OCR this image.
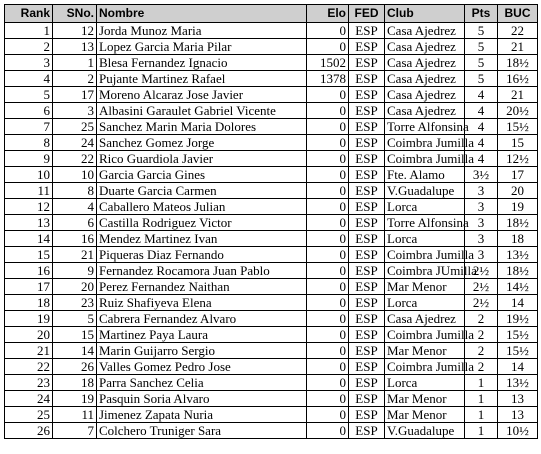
Rank	SNo.	Nombre	Elo	FED	Club	Pts	BUC
1	12	Jorda Munoz Maria	0	ESP	Casa Ajedrez	5	22
2	13	Lopez Garcia Maria Pilar	0	ESP	Casa Ajedrez	5	21
3	1	Blesa Fernandez Ignacio	1502	ESP	Casa Ajedrez	5	18½
4	2	Pujante Martinez Rafael	1378	ESP	Casa Ajedrez	5	16½
5	17	Moreno Alcaraz Jose Javier	0	ESP	Casa Ajedrez	4	21
6	3	Albasini Garaulet Gabriel Vicente	0	ESP	Casa Ajedrez	4	20½
7	25	Sanchez Marin Maria Dolores	0	ESP	Torre Alfonsina	4	15½
8	24	Sanchez Gomez Jorge	0	ESP	Coimbra Jumilla	4	15
9	22	Rico Guardiola Javier	0	ESP	Coimbra Jumilla	4	12½
10	10	Garcia Garcia Gines	0	ESP	Fte. Alamo	3½	17
11	8	Duarte Garcia Carmen	0	ESP	V.Guadalupe	3	20
12	4	Caballero Mateos Julian	0	ESP	Lorca	3	19
13	6	Castilla Rodriguez Victor	0	ESP	Torre Alfonsina	3	18½
14	16	Mendez Martinez Ivan	0	ESP	Lorca	3	18
15	21	Piqueras Diaz Fernando	0	ESP	Coimbra Jumilla	3	13½
16	9	Fernandez Rocamora Juan Pablo	0	ESP	Coimbra JUmilla	2½	18½
17	20	Perez Fernandez Naithan	0	ESP	Mar Menor	2½	14½
18	23	Ruiz Shafiyeva Elena	0	ESP	Lorca	2½	14
19	5	Cabrera Fernandez Alvaro	0	ESP	Casa Ajedrez	2	19½
20	15	Martinez Paya Laura	0	ESP	Coimbra Jumilla	2	15½
21	14	Marin Guijarro Sergio	0	ESP	Mar Menor	2	15½
22	26	Valles Gomez Pedro Jose	0	ESP	Coimbra Jumilla	2	14
23	18	Parra Sanchez Celia	0	ESP	Lorca	1	13½
24	19	Pasquin Soria Alvaro	0	ESP	Mar Menor	1	13
25	11	Jimenez Zapata Nuria	0	ESP	Mar Menor	1	13
26	7	Colchero Truniger Sara	0	ESP	V.Guadalupe	1	10½
